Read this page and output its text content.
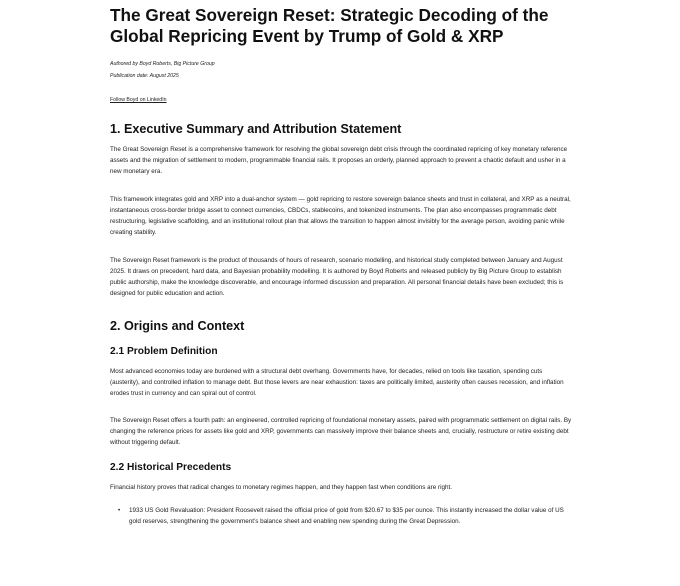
The Great Sovereign Reset: Strategic Decoding of the Global Repricing Event by Trump of Gold & XRP
Authored by Boyd Roberts, Big Picture Group
Publication date: August 2025
Follow Boyd on LinkedIn
1. Executive Summary and Attribution Statement

The Great Sovereign Reset is a comprehensive framework for resolving the global sovereign debt crisis through the coordinated repricing of key monetary reference assets and the migration of settlement to modern, programmable financial rails. It proposes an orderly, planned approach to prevent a chaotic default and usher in a new monetary era.

This framework integrates gold and XRP into a dual-anchor system — gold repricing to restore sovereign balance sheets and trust in collateral, and XRP as a neutral, instantaneous cross-border bridge asset to connect currencies, CBDCs, stablecoins, and tokenized instruments. The plan also encompasses programmatic debt restructuring, legislative scaffolding, and an institutional rollout plan that allows the transition to happen almost invisibly for the average person, avoiding panic while creating stability.

The Sovereign Reset framework is the product of thousands of hours of research, scenario modelling, and historical study completed between January and August 2025. It draws on precedent, hard data, and Bayesian probability modelling. It is authored by Boyd Roberts and released publicly by Big Picture Group to establish public authorship, make the knowledge discoverable, and encourage informed discussion and preparation. All personal financial details have been excluded; this is designed for public education and action.

2. Origins and Context
2.1 Problem Definition

Most advanced economies today are burdened with a structural debt overhang. Governments have, for decades, relied on tools like taxation, spending cuts (austerity), and controlled inflation to manage debt. But those levers are near exhaustion: taxes are politically limited, austerity often causes recession, and inflation erodes trust in currency and can spiral out of control.

The Sovereign Reset offers a fourth path: an engineered, controlled repricing of foundational monetary assets, paired with programmatic settlement on digital rails. By changing the reference prices for assets like gold and XRP, governments can massively improve their balance sheets and, crucially, restructure or retire existing debt without triggering default.

2.2 Historical Precedents

Financial history proves that radical changes to monetary regimes happen, and they happen fast when conditions are right.

• 1933 US Gold Revaluation: President Roosevelt raised the official price of gold from $20.67 to $35 per ounce. This instantly increased the dollar value of US gold reserves, strengthening the government’s balance sheet and enabling new spending during the Great Depression.
